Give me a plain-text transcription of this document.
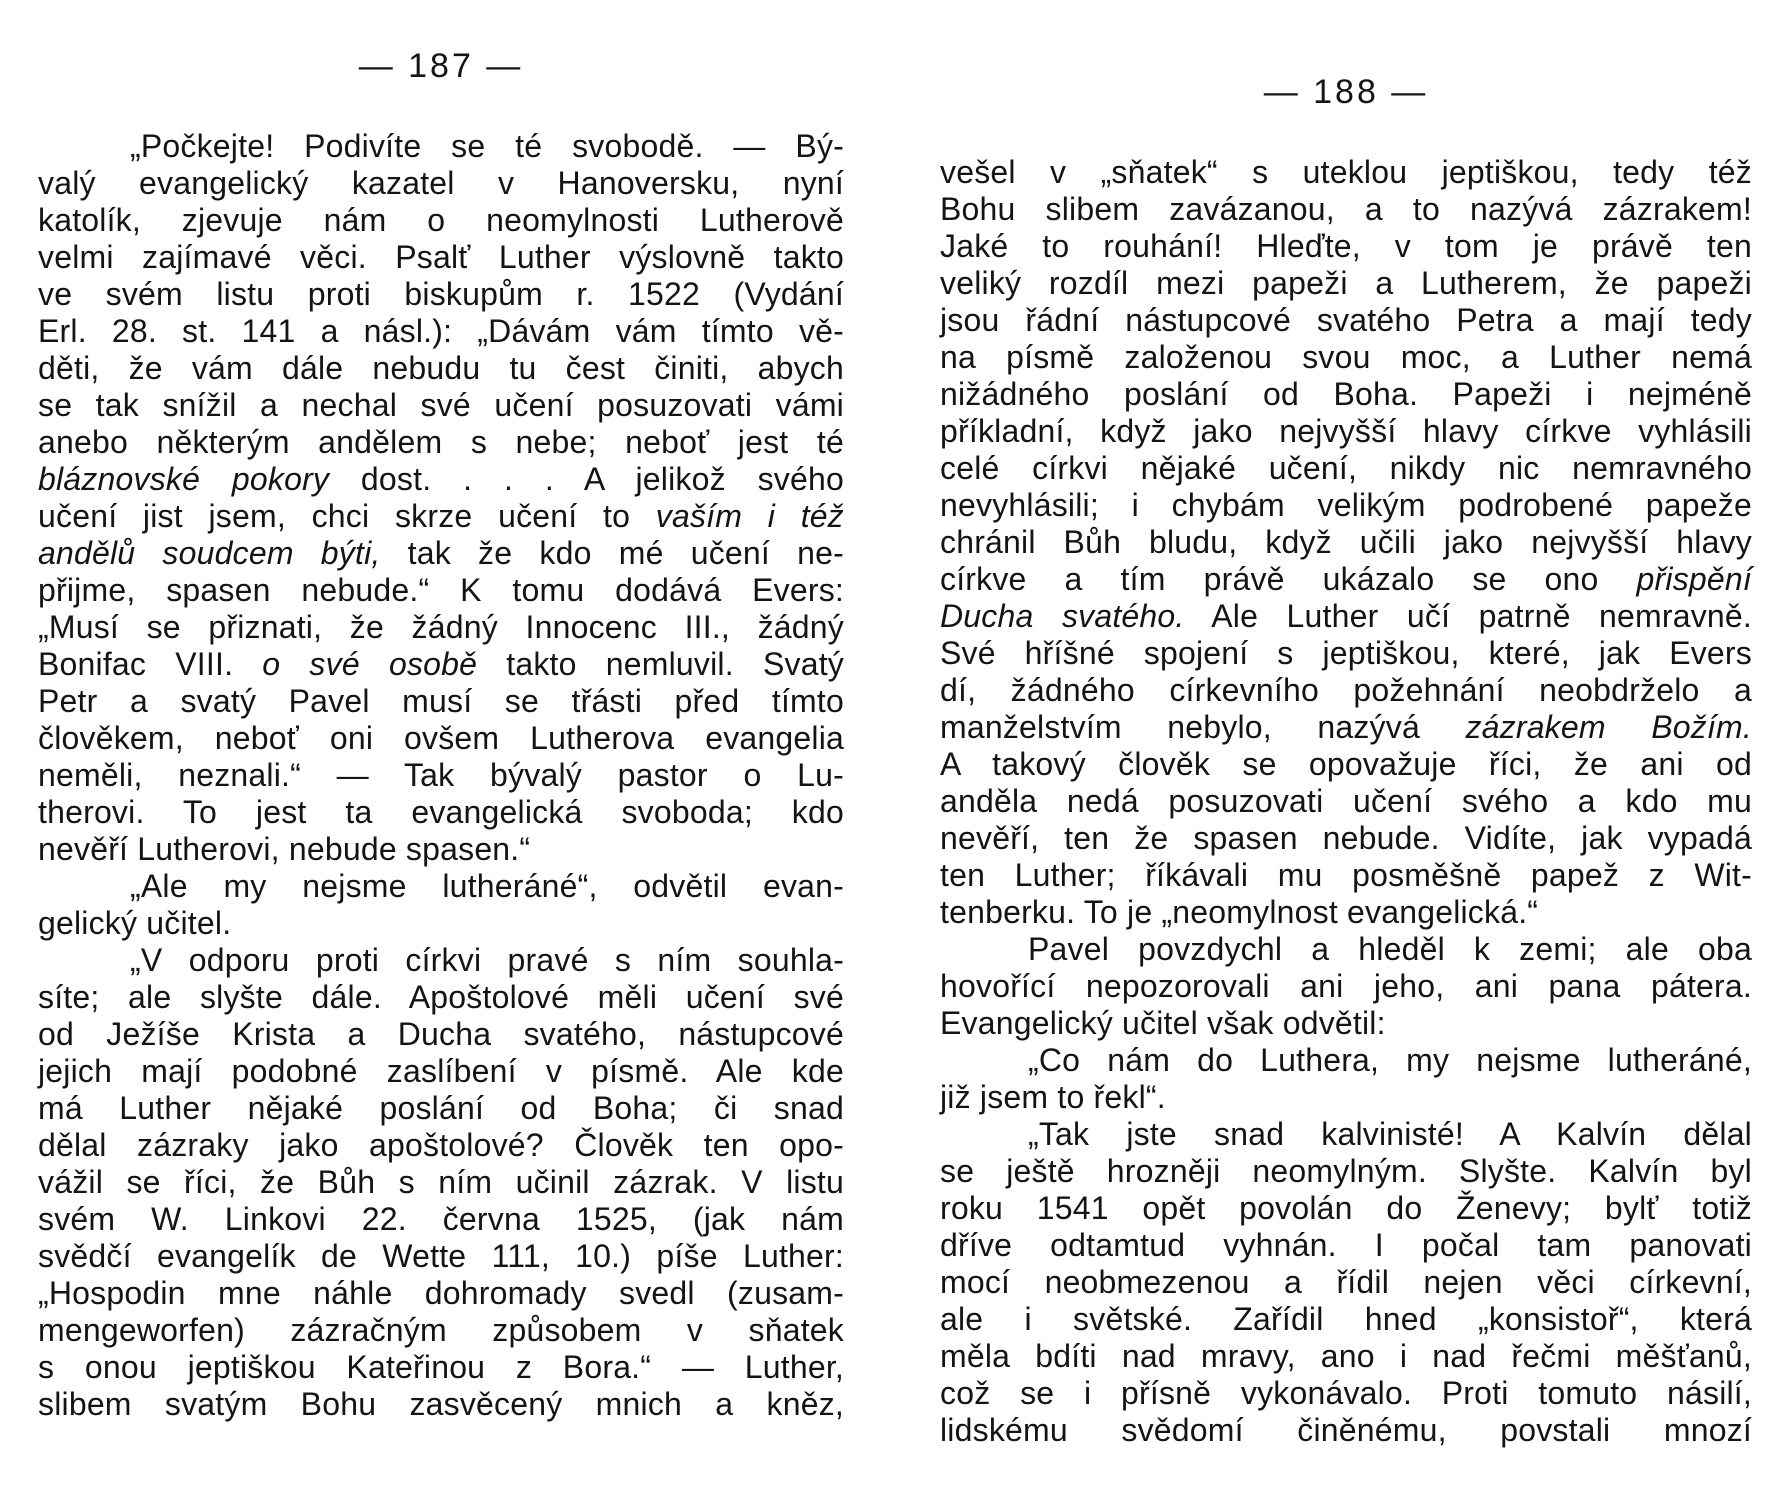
— 187 —
„Počkejte! Podivíte se té svobodě. — Bý-
valý evangelický kazatel v Hanoversku, nyní
katolík, zjevuje nám o neomylnosti Lutherově
velmi zajímavé věci. Psalť Luther výslovně takto
ve svém listu proti biskupům r. 1522 (Vydání
Erl. 28. st. 141 a násl.): „Dávám vám tímto vě-
děti, že vám dále nebudu tu čest činiti, abych
se tak snížil a nechal své učení posuzovati vámi
anebo některým andělem s nebe; neboť jest té
bláznovské pokory dost. . . . A jelikož svého
učení jist jsem, chci skrze učení to vaším i též
andělů soudcem býti, tak že kdo mé učení ne-
přijme, spasen nebude.“ K tomu dodává Evers:
„Musí se přiznati, že žádný Innocenc III., žádný
Bonifac VIII. o své osobě takto nemluvil. Svatý
Petr a svatý Pavel musí se třásti před tímto
člověkem, neboť oni ovšem Lutherova evangelia
neměli, neznali.“ — Tak bývalý pastor o Lu-
therovi. To jest ta evangelická svoboda; kdo
nevěří Lutherovi, nebude spasen.“
„Ale my nejsme lutheráné“, odvětil evan-
gelický učitel.
„V odporu proti církvi pravé s ním souhla-
síte; ale slyšte dále. Apoštolové měli učení své
od Ježíše Krista a Ducha svatého, nástupcové
jejich mají podobné zaslíbení v písmě. Ale kde
má Luther nějaké poslání od Boha; či snad
dělal zázraky jako apoštolové? Člověk ten opo-
vážil se říci, že Bůh s ním učinil zázrak. V listu
svém W. Linkovi 22. června 1525, (jak nám
svědčí evangelík de Wette 111, 10.) píše Luther:
„Hospodin mne náhle dohromady svedl (zusam-
mengeworfen) zázračným způsobem v sňatek
s onou jeptiškou Kateřinou z Bora.“ — Luther,
slibem svatým Bohu zasvěcený mnich a kněz,
— 188 —
vešel v „sňatek“ s uteklou jeptiškou, tedy též
Bohu slibem zavázanou, a to nazývá zázrakem!
Jaké to rouhání! Hleďte, v tom je právě ten
veliký rozdíl mezi papeži a Lutherem, že papeži
jsou řádní nástupcové svatého Petra a mají tedy
na písmě založenou svou moc, a Luther nemá
nižádného poslání od Boha. Papeži i nejméně
příkladní, když jako nejvyšší hlavy církve vyhlásili
celé církvi nějaké učení, nikdy nic nemravného
nevyhlásili; i chybám velikým podrobené papeže
chránil Bůh bludu, když učili jako nejvyšší hlavy
církve a tím právě ukázalo se ono přispění
Ducha svatého. Ale Luther učí patrně nemravně.
Své hříšné spojení s jeptiškou, které, jak Evers
dí, žádného církevního požehnání neobdrželo a
manželstvím nebylo, nazývá zázrakem Božím.
A takový člověk se opovažuje říci, že ani od
anděla nedá posuzovati učení svého a kdo mu
nevěří, ten že spasen nebude. Vidíte, jak vypadá
ten Luther; říkávali mu posměšně papež z Wit-
tenberku. To je „neomylnost evangelická.“
Pavel povzdychl a hleděl k zemi; ale oba
hovořící nepozorovali ani jeho, ani pana pátera.
Evangelický učitel však odvětil:
„Co nám do Luthera, my nejsme lutheráné,
již jsem to řekl“.
„Tak jste snad kalvinisté! A Kalvín dělal
se ještě hrozněji neomylným. Slyšte. Kalvín byl
roku 1541 opět povolán do Ženevy; bylť totiž
dříve odtamtud vyhnán. I počal tam panovati
mocí neobmezenou a řídil nejen věci církevní,
ale i světské. Zařídil hned „konsistoř“, která
měla bdíti nad mravy, ano i nad řečmi měšťanů,
což se i přísně vykonávalo. Proti tomuto násilí,
lidskému svědomí činěnému, povstali mnozí
